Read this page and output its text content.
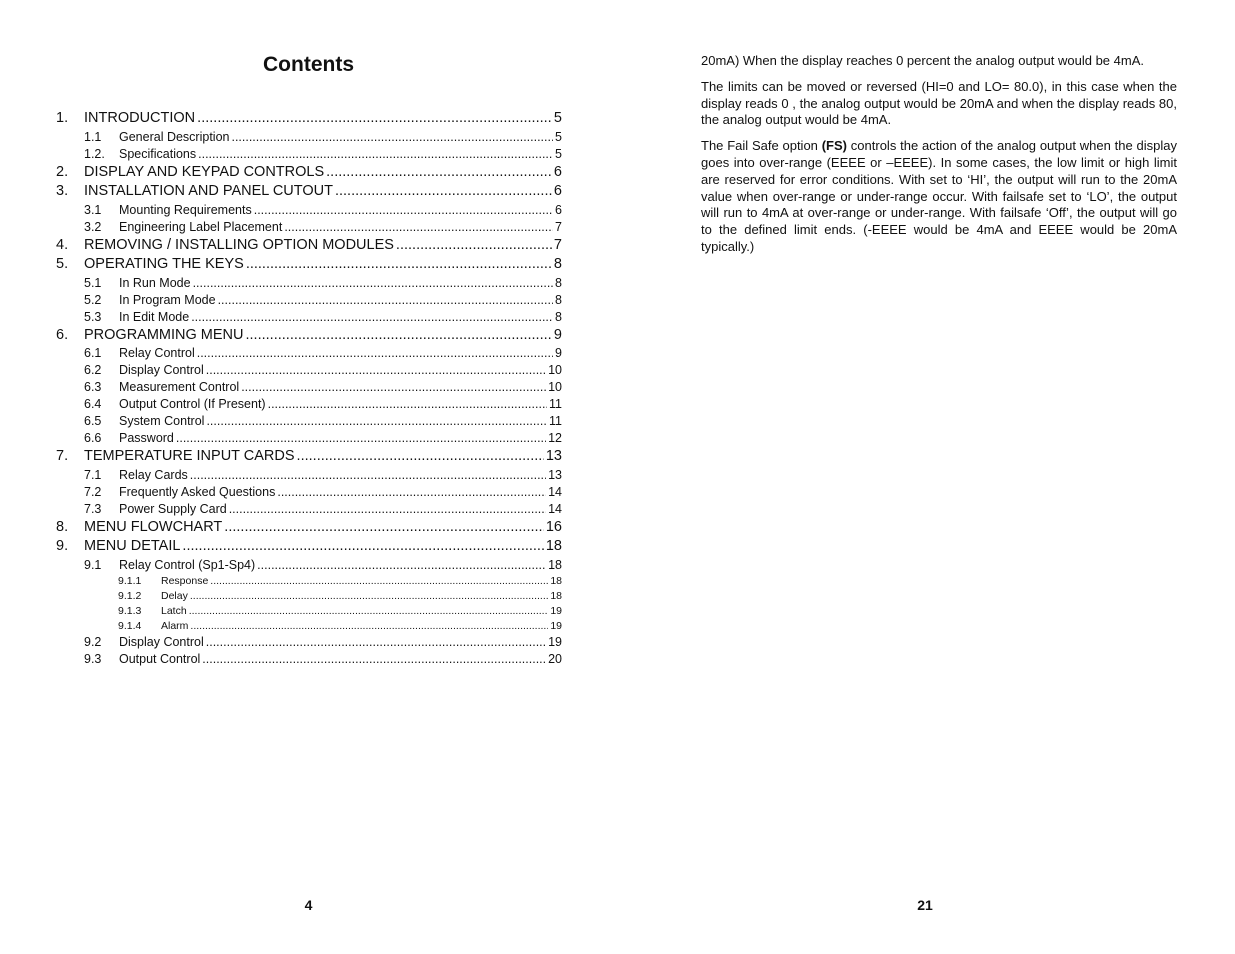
Contents
1.	INTRODUCTION .....	5
1.1	General Description .....	5
1.2.	Specifications .....	5
2.	DISPLAY AND KEYPAD CONTROLS .....	6
3.	INSTALLATION AND PANEL CUTOUT .....	6
3.1	Mounting Requirements .....	6
3.2	Engineering Label Placement .....	7
4.	REMOVING / INSTALLING OPTION MODULES .....	7
5.	OPERATING THE KEYS .....	8
5.1	In Run Mode .....	8
5.2	In Program Mode .....	8
5.3	In Edit Mode .....	8
6.	PROGRAMMING MENU .....	9
6.1	Relay Control .....	9
6.2	Display Control .....	10
6.3	Measurement Control .....	10
6.4	Output Control (If Present) .....	11
6.5	System Control .....	11
6.6	Password .....	12
7.	TEMPERATURE INPUT CARDS .....	13
7.1	Relay Cards .....	13
7.2	Frequently Asked Questions .....	14
7.3	Power Supply Card .....	14
8.	MENU FLOWCHART .....	16
9.	MENU DETAIL .....	18
9.1	Relay Control (Sp1-Sp4) .....	18
9.1.1	Response .....	18
9.1.2	Delay .....	18
9.1.3	Latch .....	19
9.1.4	Alarm .....	19
9.2	Display Control .....	19
9.3	Output Control .....	20
4

20mA) When the display reaches 0 percent the analog output would be 4mA.

The limits can be moved or reversed (HI=0 and LO= 80.0), in this case when the display reads 0 , the analog output would be 20mA and when the display reads 80, the analog output would be 4mA.

The Fail Safe option (FS) controls the action of the analog output when the display goes into over-range (EEEE or –EEEE). In some cases, the low limit or high limit are reserved for error conditions. With set to ‘HI’, the output will run to the 20mA value when over-range or under-range occur. With failsafe set to ‘LO’, the output will run to 4mA at over-range or under-range. With failsafe ‘Off’, the output will go to the defined limit ends. (-EEEE would be 4mA and EEEE would be 20mA typically.)

21
